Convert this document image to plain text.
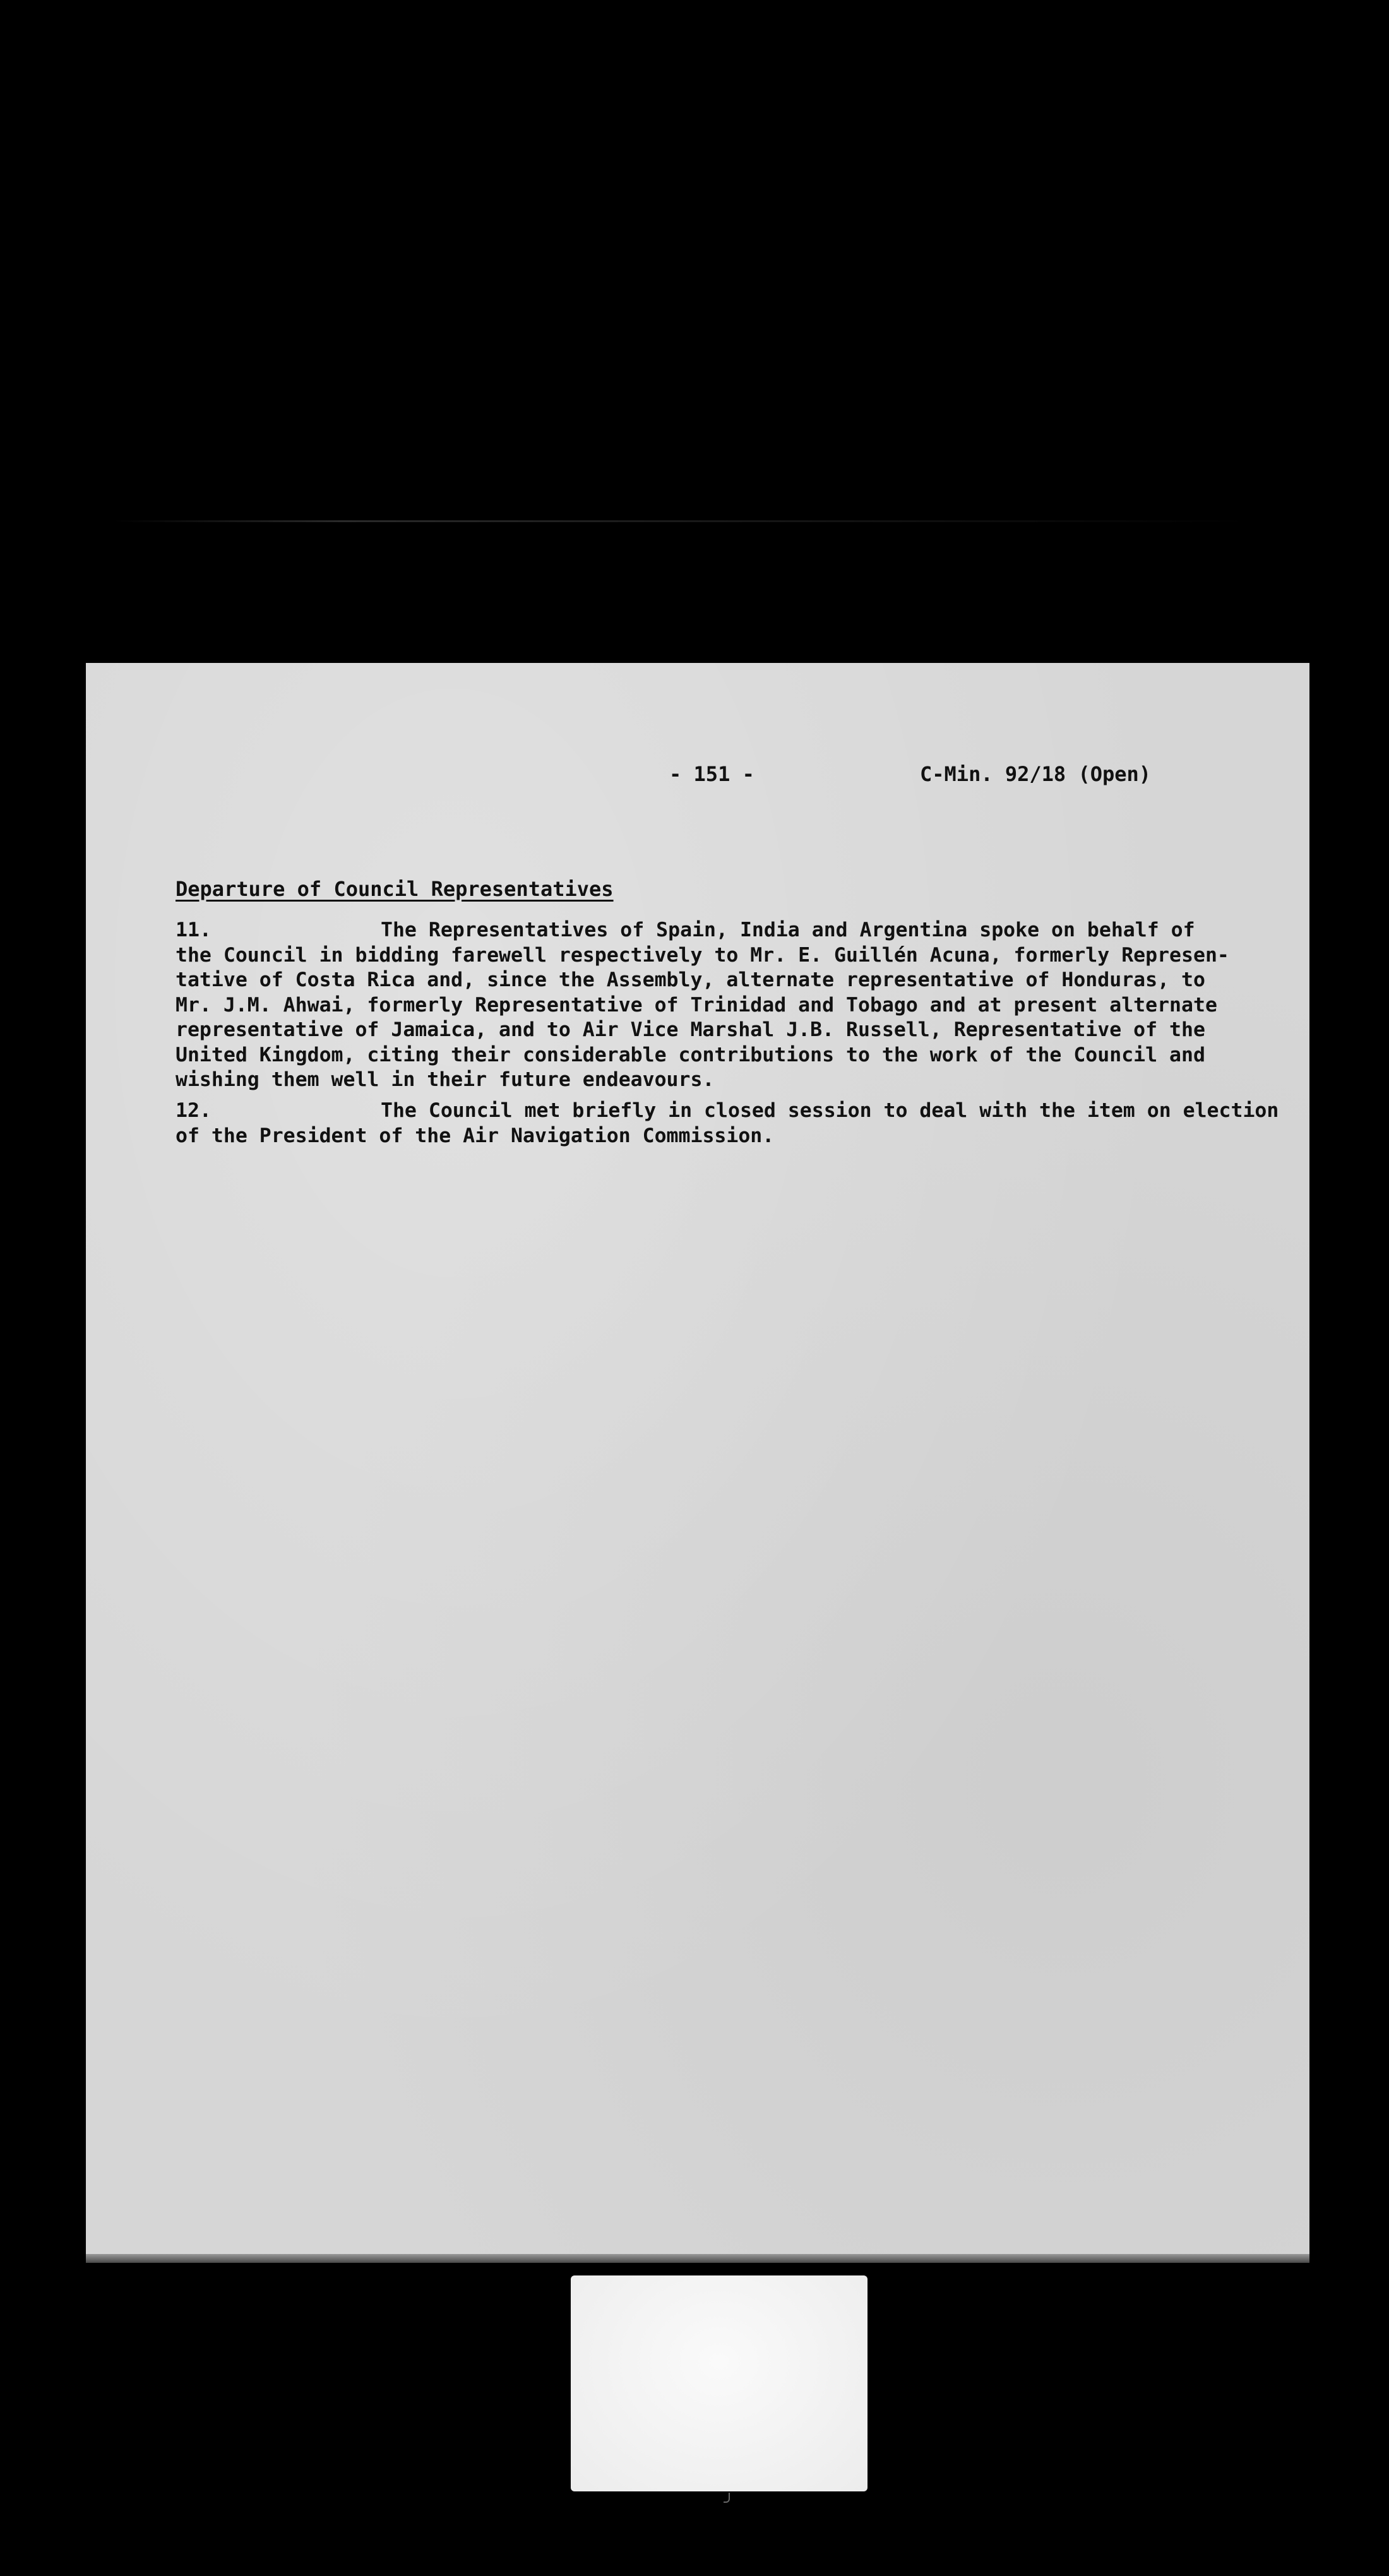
- 151 -	C-Min. 92/18 (Open)
Departure of Council Representatives
11.	The Representatives of Spain, India and Argentina spoke on behalf of
the Council in bidding farewell respectively to Mr. E. Guillén Acuna, formerly Represen-
tative of Costa Rica and, since the Assembly, alternate representative of Honduras, to
Mr. J.M. Ahwai, formerly Representative of Trinidad and Tobago and at present alternate
representative of Jamaica, and to Air Vice Marshal J.B. Russell, Representative of the
United Kingdom, citing their considerable contributions to the work of the Council and
wishing them well in their future endeavours.
12.	The Council met briefly in closed session to deal with the item on election
of the President of the Air Navigation Commission.
